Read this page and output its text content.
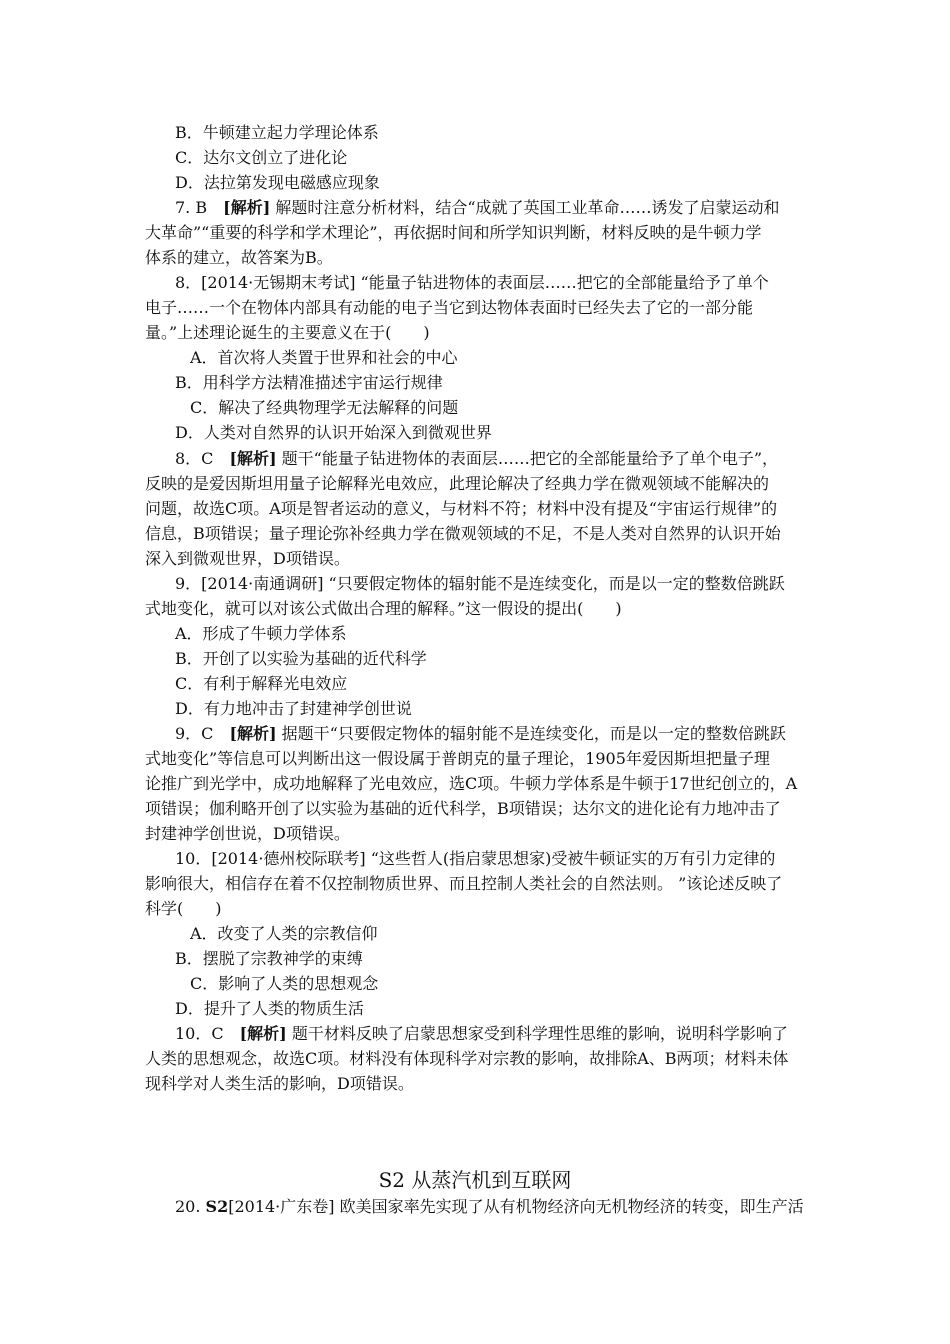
B．牛顿建立起力学理论体系
C．达尔文创立了进化论
D．法拉第发现电磁感应现象
7. B　[解析] 解题时注意分析材料，结合“成就了英国工业革命……诱发了启蒙运动和
大革命”“重要的科学和学术理论”，再依据时间和所学知识判断，材料反映的是牛顿力学
体系的建立，故答案为B。
8．[2014·无锡期末考试] “能量子钻进物体的表面层……把它的全部能量给予了单个
电子……一个在物体内部具有动能的电子当它到达物体表面时已经失去了它的一部分能
量。”上述理论诞生的主要意义在于(　　)
A．首次将人类置于世界和社会的中心
B．用科学方法精准描述宇宙运行规律
C．解决了经典物理学无法解释的问题
D．人类对自然界的认识开始深入到微观世界
8．C　[解析] 题干“能量子钻进物体的表面层……把它的全部能量给予了单个电子”，
反映的是爱因斯坦用量子论解释光电效应，此理论解决了经典力学在微观领域不能解决的
问题，故选C项。A项是智者运动的意义，与材料不符；材料中没有提及“宇宙运行规律”的
信息，B项错误；量子理论弥补经典力学在微观领域的不足，不是人类对自然界的认识开始
深入到微观世界，D项错误。
9．[2014·南通调研] “只要假定物体的辐射能不是连续变化，而是以一定的整数倍跳跃
式地变化，就可以对该公式做出合理的解释。”这一假设的提出(　　)
A．形成了牛顿力学体系
B．开创了以实验为基础的近代科学
C．有利于解释光电效应
D．有力地冲击了封建神学创世说
9．C　[解析] 据题干“只要假定物体的辐射能不是连续变化，而是以一定的整数倍跳跃
式地变化”等信息可以判断出这一假设属于普朗克的量子理论，1905年爱因斯坦把量子理
论推广到光学中，成功地解释了光电效应，选C项。牛顿力学体系是牛顿于17世纪创立的，A
项错误；伽利略开创了以实验为基础的近代科学，B项错误；达尔文的进化论有力地冲击了
封建神学创世说，D项错误。
10．[2014·德州校际联考] “这些哲人(指启蒙思想家)受被牛顿证实的万有引力定律的
影响很大，相信存在着不仅控制物质世界、而且控制人类社会的自然法则。 ”该论述反映了
科学(　　)
A．改变了人类的宗教信仰
B．摆脱了宗教神学的束缚
C．影响了人类的思想观念
D．提升了人类的物质生活
10．C　[解析] 题干材料反映了启蒙思想家受到科学理性思维的影响，说明科学影响了
人类的思想观念，故选C项。材料没有体现科学对宗教的影响，故排除A、B两项；材料未体
现科学对人类生活的影响，D项错误。
S2 从蒸汽机到互联网
20. S2[2014·广东卷] 欧美国家率先实现了从有机物经济向无机物经济的转变，即生产活
